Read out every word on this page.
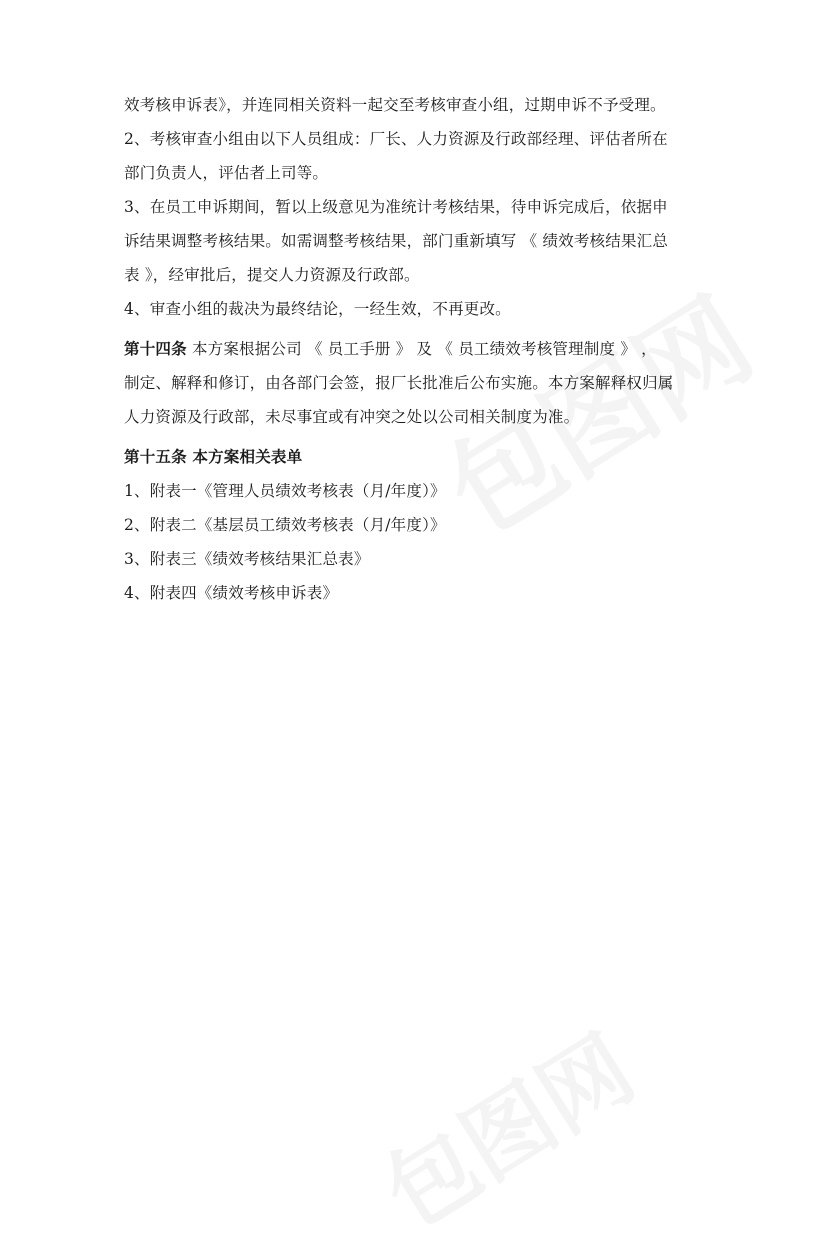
效考核申诉表》，并连同相关资料一起交至考核审查小组，过期申诉不予受理。
2、考核审查小组由以下人员组成：厂长、人力资源及行政部经理、评估者所在
部门负责人，评估者上司等。
3、在员工申诉期间，暂以上级意见为准统计考核结果，待申诉完成后，依据申
诉结果调整考核结果。如需调整考核结果，部门重新填写 《 绩效考核结果汇总
表 》，经审批后，提交人力资源及行政部。
4、审查小组的裁决为最终结论，一经生效，不再更改。
第十四条 本方案根据公司 《 员工手册 》 及 《 员工绩效考核管理制度 》 ，
制定、解释和修订，由各部门会签，报厂长批准后公布实施。本方案解释权归属
人力资源及行政部，未尽事宜或有冲突之处以公司相关制度为准。
第十五条 本方案相关表单
1、附表一《管理人员绩效考核表（月/年度）》
2、附表二《基层员工绩效考核表（月/年度）》
3、附表三《绩效考核结果汇总表》
4、附表四《绩效考核申诉表》
